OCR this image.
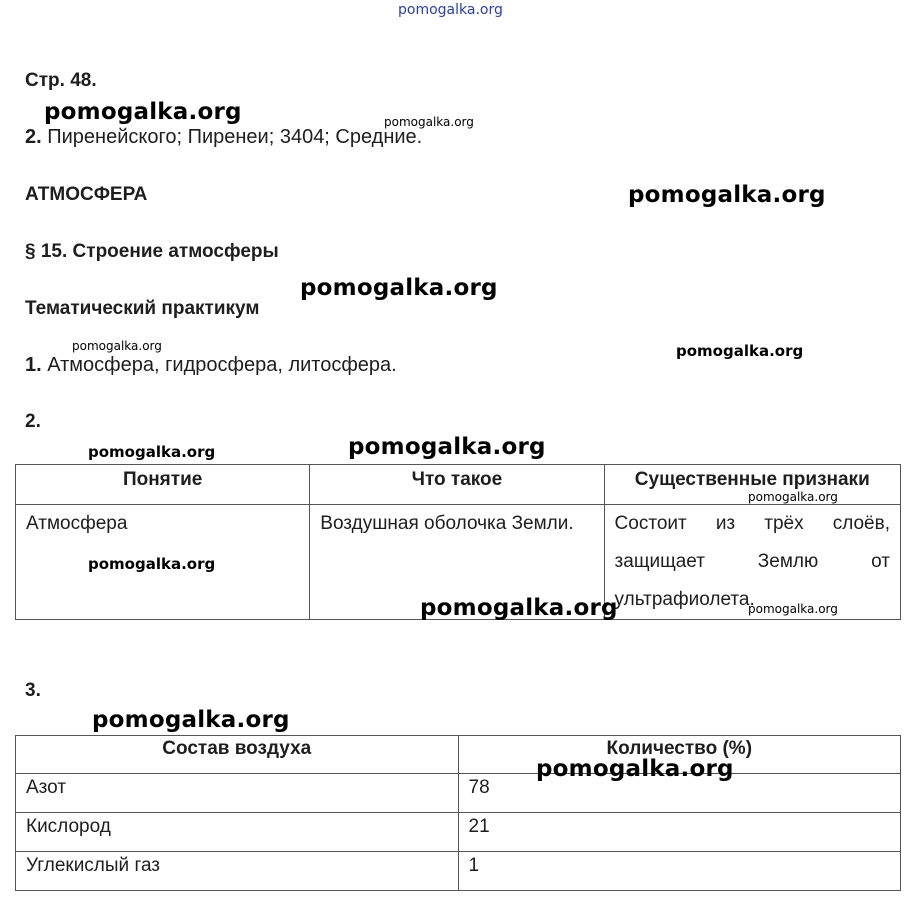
pomogalka.org
Стр. 48.
2. Пиренейского; Пиренеи; 3404; Средние.
АТМОСФЕРА
§ 15. Строение атмосферы
Тематический практикум
1. Атмосфера, гидросфера, литосфера.
2.
Понятие	Что такое	Существенные признаки

Атмосфера	Воздушная оболочка Земли.	Состоит из трёх слоёв, защищает Землю от ультрафиолета.
3.
Состав воздуха	Количество (%)
Азот	78
Кислород	21
Углекислый газ	1
pomogalka.org	pomogalka.org
pomogalka.org
pomogalka.org
pomogalka.org	pomogalka.org
pomogalka.org	pomogalka.org
pomogalka.org
pomogalka.org
pomogalka.org	pomogalka.org
pomogalka.org
pomogalka.org
